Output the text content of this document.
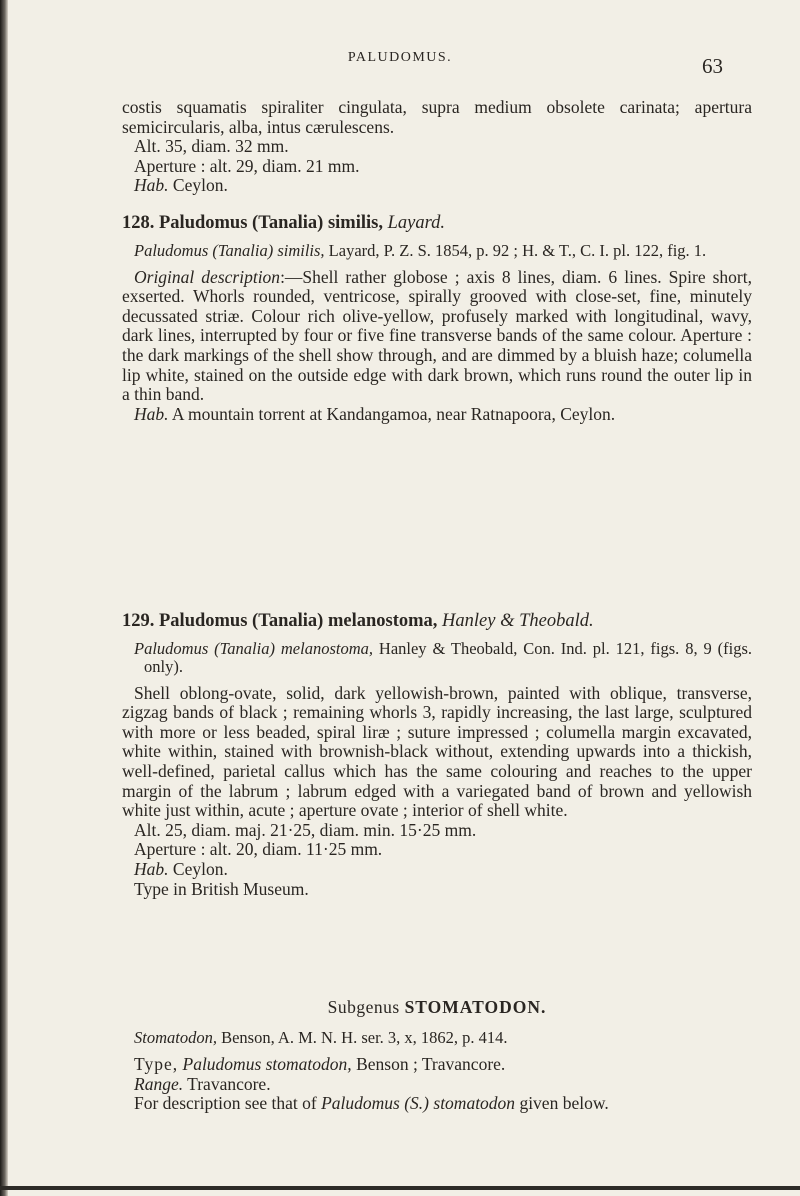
PALUDOMUS.	63

costis squamatis spiraliter cingulata, supra medium obsolete carinata; apertura semicircularis, alba, intus cærulescens.

Alt. 35, diam. 32 mm.

Aperture : alt. 29, diam. 21 mm.

Hab. Ceylon.

128. Paludomus (Tanalia) similis, Layard.

Paludomus (Tanalia) similis, Layard, P. Z. S. 1854, p. 92 ; H. & T., C. I. pl. 122, fig. 1.

Original description:—Shell rather globose ; axis 8 lines, diam. 6 lines. Spire short, exserted. Whorls rounded, ventricose, spirally grooved with close-set, fine, minutely decussated striæ. Colour rich olive-yellow, profusely marked with longitudinal, wavy, dark lines, interrupted by four or five fine transverse bands of the same colour. Aperture : the dark markings of the shell show through, and are dimmed by a bluish haze; columella lip white, stained on the outside edge with dark brown, which runs round the outer lip in a thin band.

Hab. A mountain torrent at Kandangamoa, near Ratnapoora, Ceylon.

129. Paludomus (Tanalia) melanostoma, Hanley & Theobald.

Paludomus (Tanalia) melanostoma, Hanley & Theobald, Con. Ind. pl. 121, figs. 8, 9 (figs. only).

Shell oblong-ovate, solid, dark yellowish-brown, painted with oblique, transverse, zigzag bands of black ; remaining whorls 3, rapidly increasing, the last large, sculptured with more or less beaded, spiral liræ ; suture impressed ; columella margin excavated, white within, stained with brownish-black without, extending upwards into a thickish, well-defined, parietal callus which has the same colouring and reaches to the upper margin of the labrum ; labrum edged with a variegated band of brown and yellowish white just within, acute ; aperture ovate ; interior of shell white.

Alt. 25, diam. maj. 21·25, diam. min. 15·25 mm.

Aperture : alt. 20, diam. 11·25 mm.

Hab. Ceylon.

Type in British Museum.

Subgenus STOMATODON.

Stomatodon, Benson, A. M. N. H. ser. 3, x, 1862, p. 414.

Type, Paludomus stomatodon, Benson ; Travancore.

Range. Travancore.

For description see that of Paludomus (S.) stomatodon given below.
